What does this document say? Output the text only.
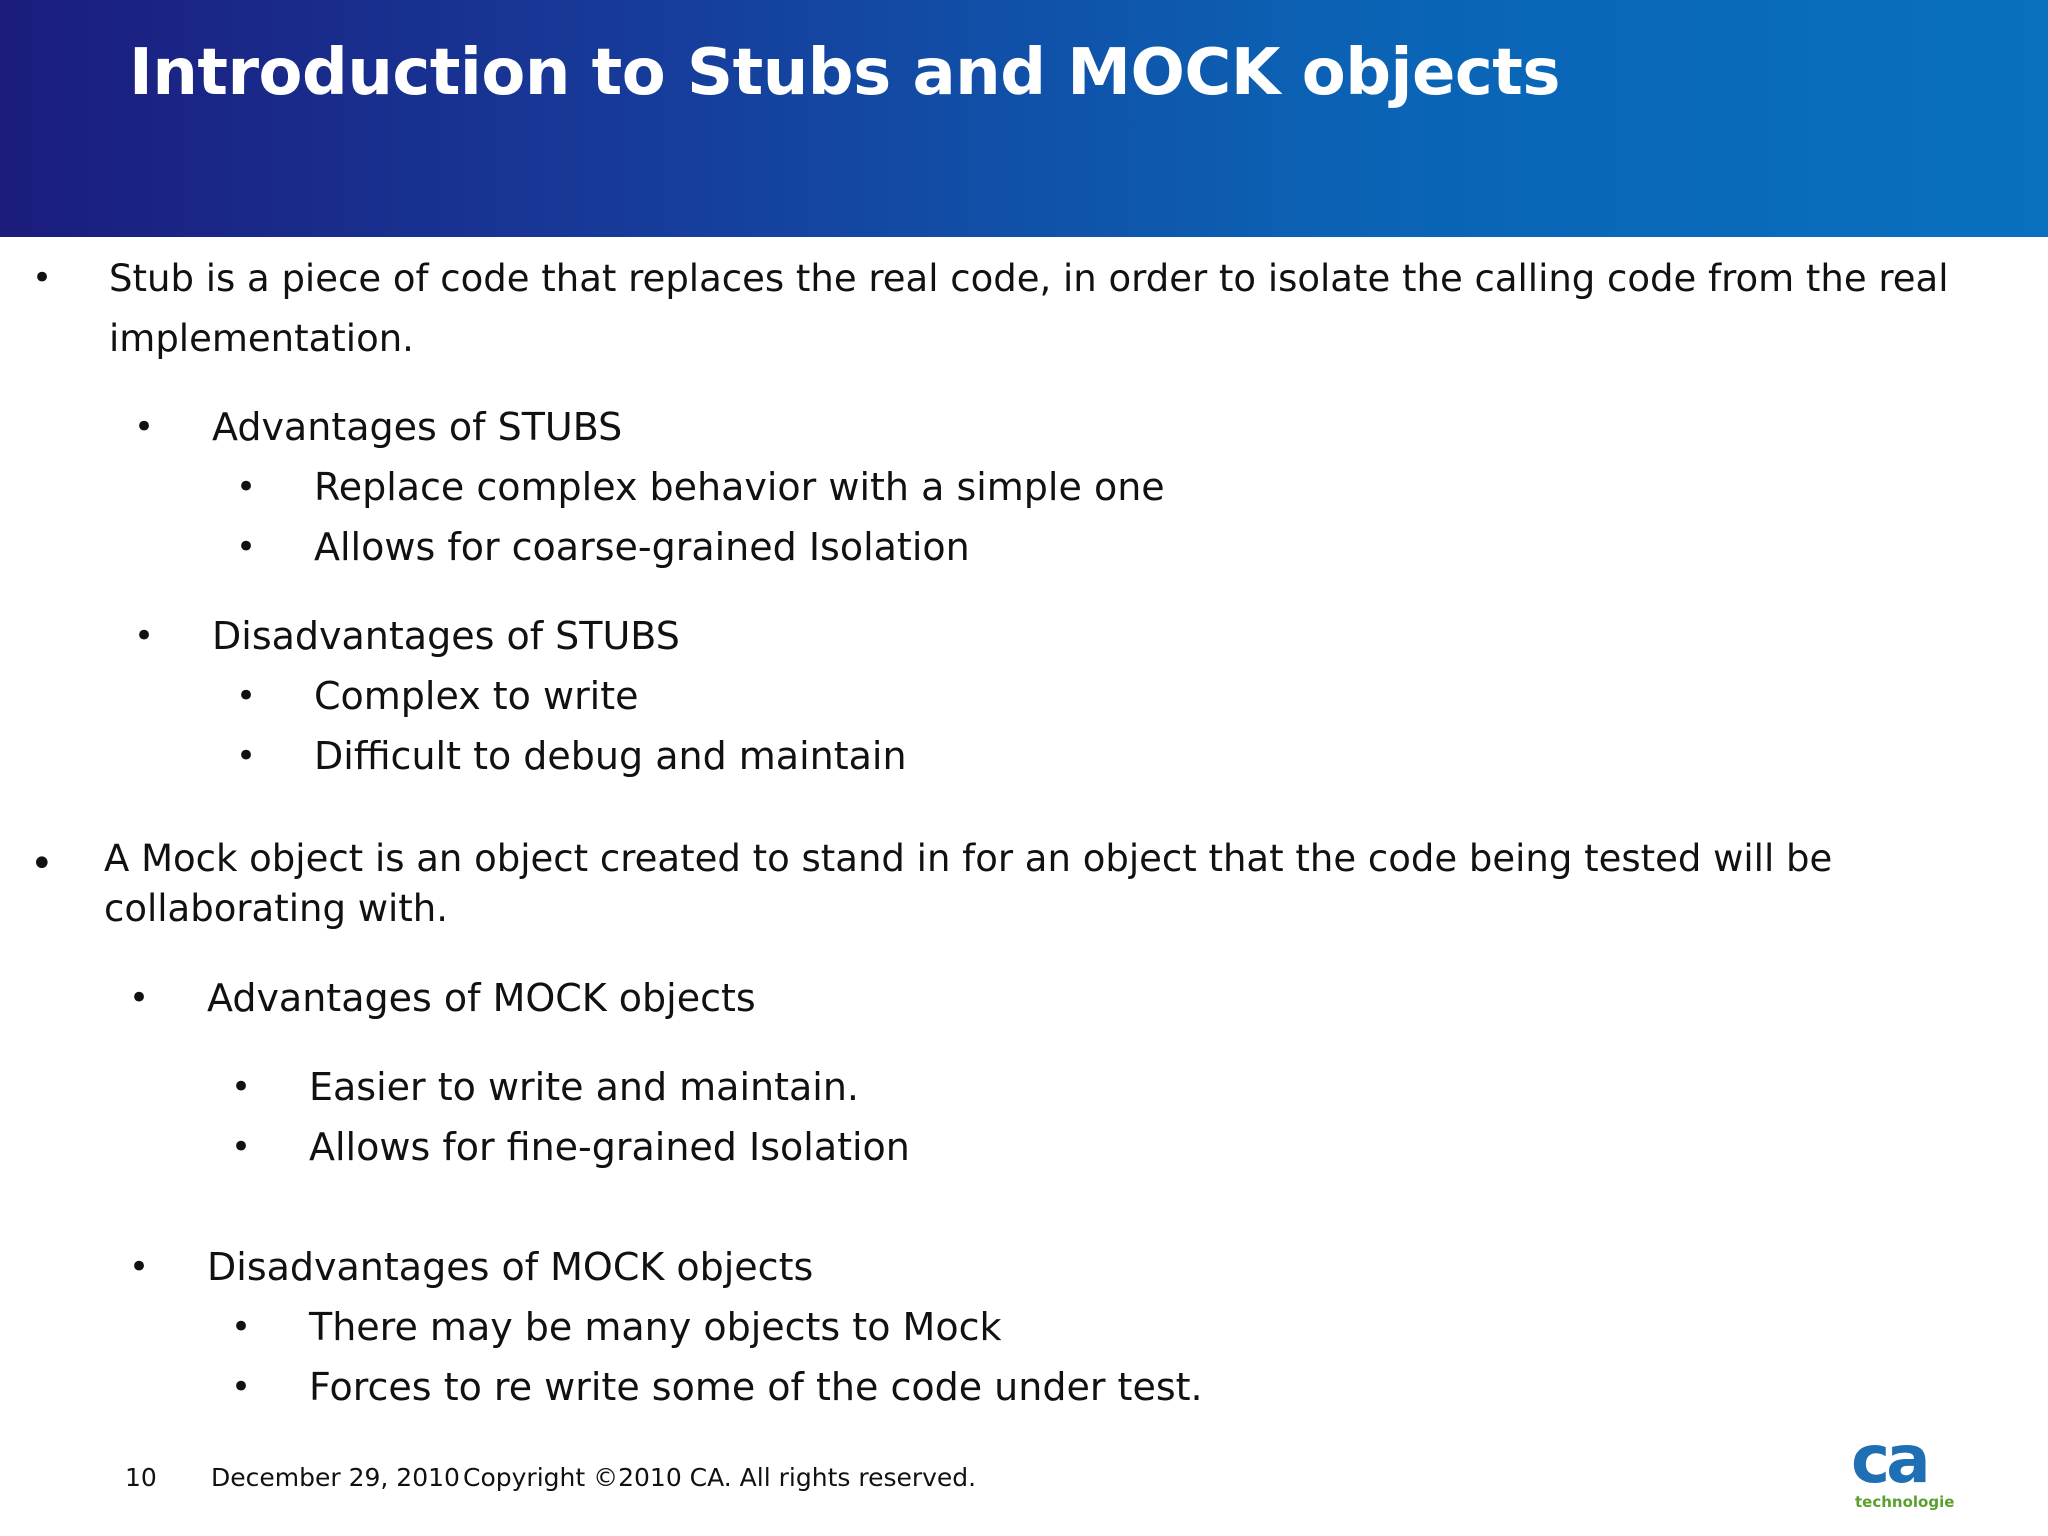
Introduction to Stubs and MOCK objects
•
•
•
•
•
•
•
•
•
•
•
•
•
•
Stub is a piece of code that replaces the real code, in order to isolate the calling code from the real
implementation.
Advantages of STUBS
Replace complex behavior with a simple one
Allows for coarse-grained Isolation
Disadvantages of STUBS
Complex to write
Difficult to debug and maintain
A Mock object is an object created to stand in for an object that the code being tested will be
collaborating with.
Advantages of MOCK objects
Easier to write and maintain.
Allows for fine-grained Isolation
Disadvantages of MOCK objects
There may be many objects to Mock
Forces to re write some of the code under test.
10 December 29, 2010 Copyright ©2010 CA. All rights reserved.	ca
technologies
